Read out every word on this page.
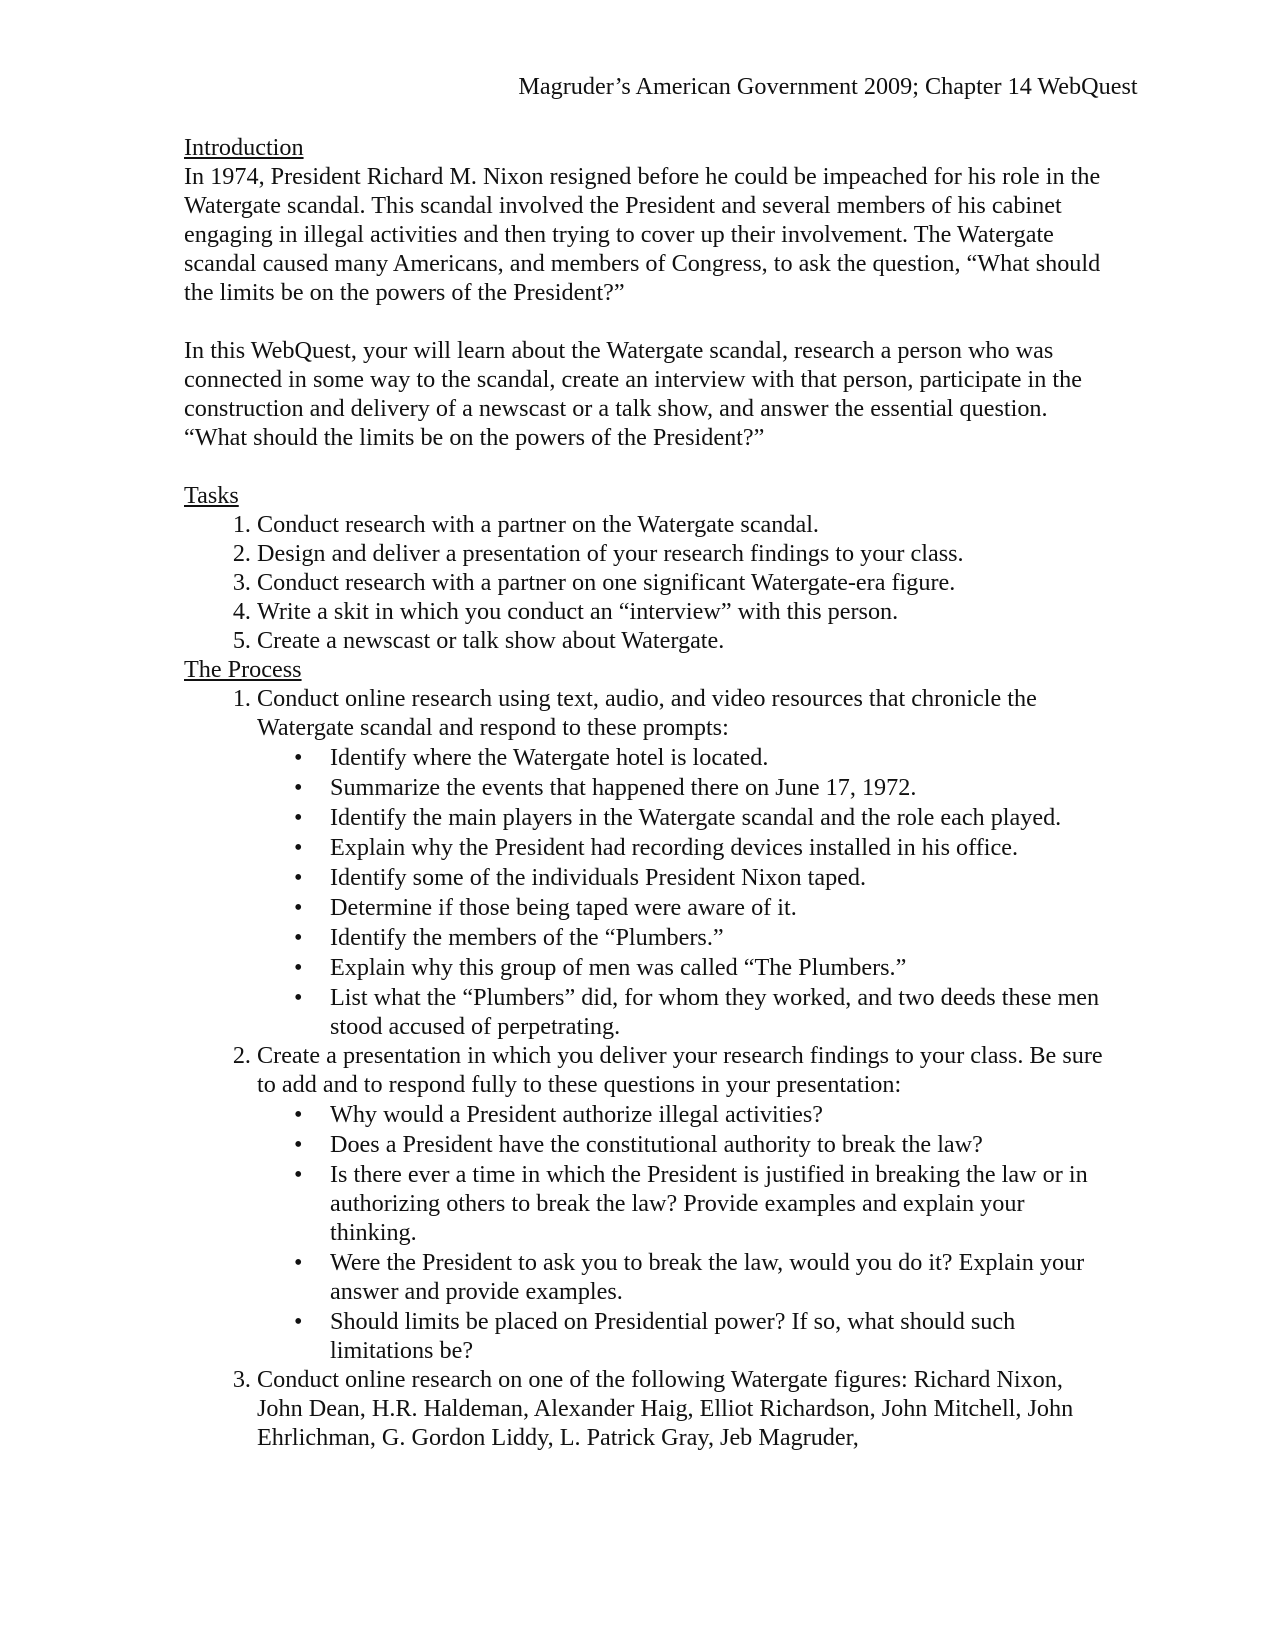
Magruder’s American Government 2009; Chapter 14 WebQuest
Introduction

In 1974, President Richard M. Nixon resigned before he could be impeached for his role in the Watergate scandal. This scandal involved the President and several members of his cabinet engaging in illegal activities and then trying to cover up their involvement. The Watergate scandal caused many Americans, and members of Congress, to ask the question, “What should the limits be on the powers of the President?”

In this WebQuest, your will learn about the Watergate scandal, research a person who was connected in some way to the scandal, create an interview with that person, participate in the construction and delivery of a newscast or a talk show, and answer the essential question. “What should the limits be on the powers of the President?”

Tasks
1. Conduct research with a partner on the Watergate scandal.
2. Design and deliver a presentation of your research findings to your class.
3. Conduct research with a partner on one significant Watergate-era figure.
4. Write a skit in which you conduct an “interview” with this person.
5. Create a newscast or talk show about Watergate.
The Process
1. Conduct online research using text, audio, and video resources that chronicle the Watergate scandal and respond to these prompts:
• Identify where the Watergate hotel is located.
• Summarize the events that happened there on June 17, 1972.
• Identify the main players in the Watergate scandal and the role each played.
• Explain why the President had recording devices installed in his office.
• Identify some of the individuals President Nixon taped.
• Determine if those being taped were aware of it.
• Identify the members of the “Plumbers.”
• Explain why this group of men was called “The Plumbers.”
• List what the “Plumbers” did, for whom they worked, and two deeds these men stood accused of perpetrating.
2. Create a presentation in which you deliver your research findings to your class. Be sure to add and to respond fully to these questions in your presentation:
• Why would a President authorize illegal activities?
• Does a President have the constitutional authority to break the law?
• Is there ever a time in which the President is justified in breaking the law or in authorizing others to break the law? Provide examples and explain your thinking.
• Were the President to ask you to break the law, would you do it? Explain your answer and provide examples.
• Should limits be placed on Presidential power? If so, what should such limitations be?
3. Conduct online research on one of the following Watergate figures: Richard Nixon, John Dean, H.R. Haldeman, Alexander Haig, Elliot Richardson, John Mitchell, John Ehrlichman, G. Gordon Liddy, L. Patrick Gray, Jeb Magruder,
